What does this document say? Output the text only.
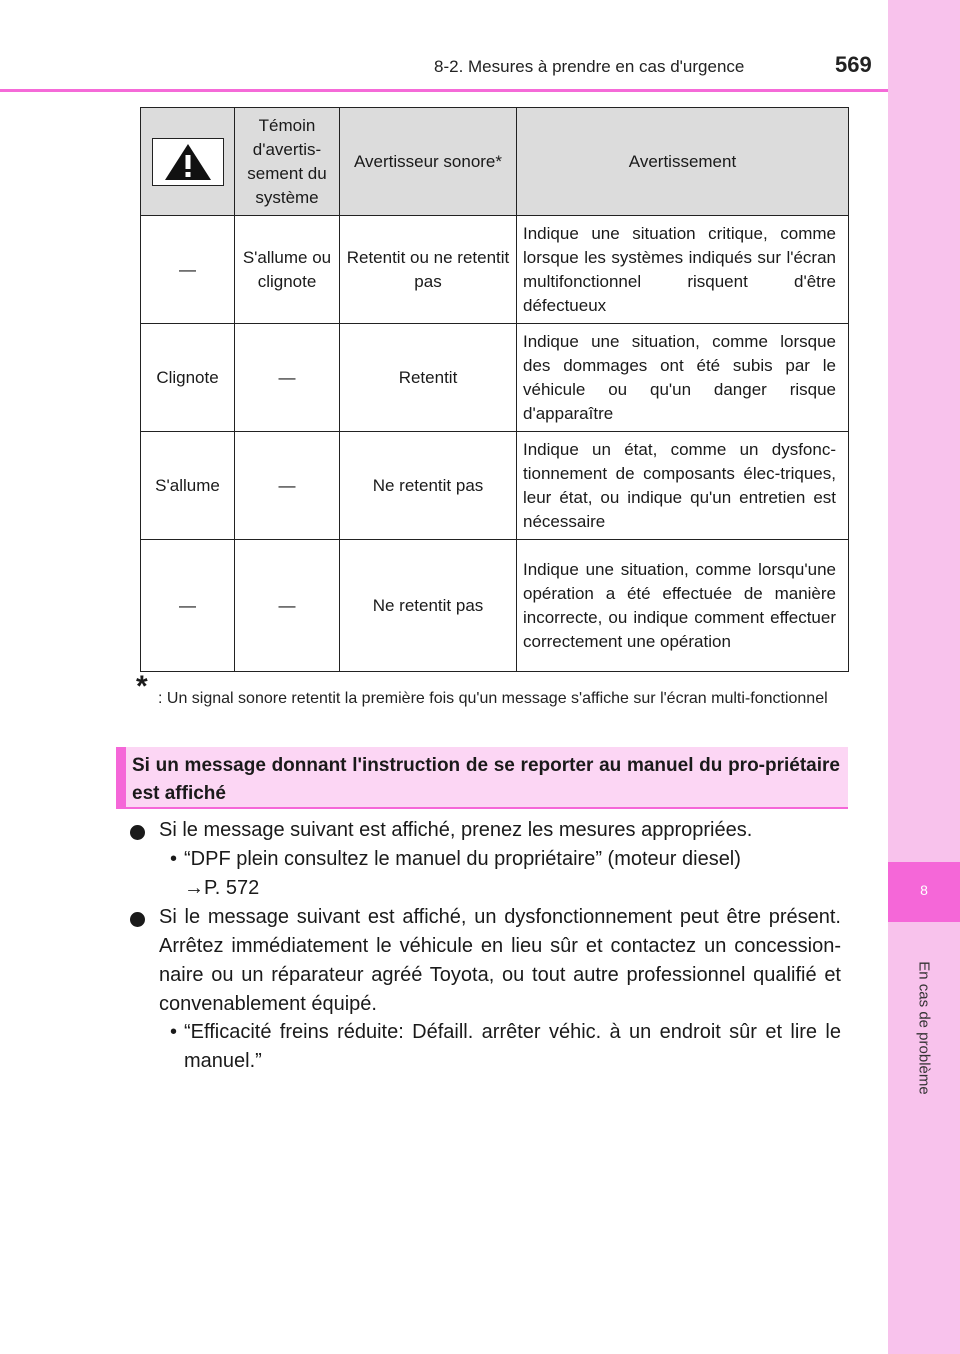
8-2. Mesures à prendre en cas d'urgence	569
8
En cas de problème
	Témoin d'avertis-sement du système	Avertisseur sonore*	Avertissement
—	S'allume ou clignote	Retentit ou ne retentit pas	Indique une situation critique, comme lorsque les systèmes indiqués sur l'écran multifonctionnel risquent d'être défectueux
Clignote	—	Retentit	Indique une situation, comme lorsque des dommages ont été subis par le véhicule ou qu'un danger risque d'apparaître
S'allume	—	Ne retentit pas	Indique un état, comme un dysfonc-tionnement de composants élec-triques, leur état, ou indique qu'un entretien est nécessaire
—	—	Ne retentit pas	Indique une situation, comme lorsqu'une opération a été effectuée de manière incorrecte, ou indique comment effectuer correctement une opération
* : Un signal sonore retentit la première fois qu'un message s'affiche sur l'écran multi-fonctionnel
Si un message donnant l'instruction de se reporter au manuel du pro-priétaire est affiché
Si le message suivant est affiché, prenez les mesures appropriées.
• “DPF plein consultez le manuel du propriétaire” (moteur diesel)
→P. 572
Si le message suivant est affiché, un dysfonctionnement peut être présent. Arrêtez immédiatement le véhicule en lieu sûr et contactez un concession-naire ou un réparateur agréé Toyota, ou tout autre professionnel qualifié et convenablement équipé.
• “Efficacité freins réduite: Défaill. arrêter véhic. à un endroit sûr et lire le manuel.”
